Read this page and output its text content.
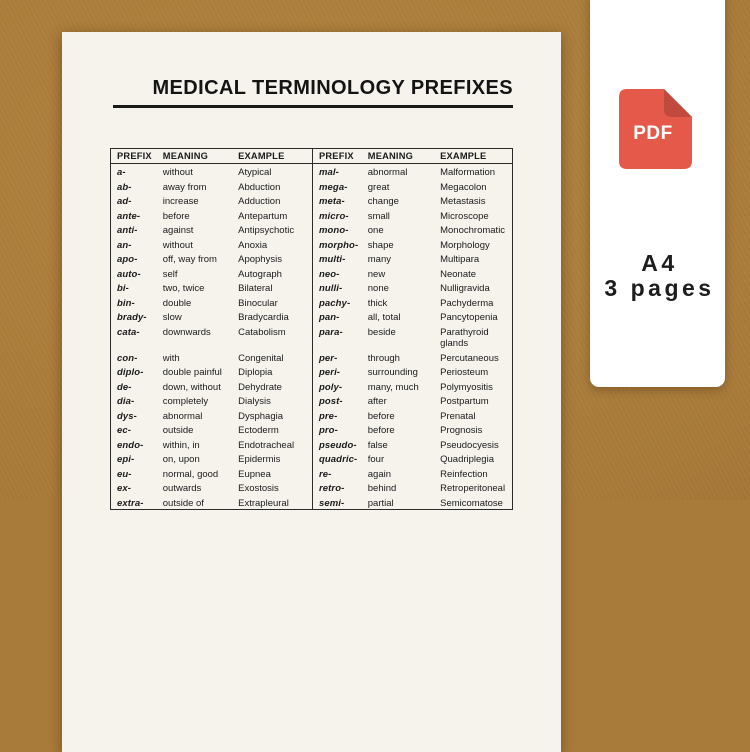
MEDICAL TERMINOLOGY PREFIXES
PREFIX	MEANING	EXAMPLE	PREFIX	MEANING	EXAMPLE
a-	without	Atypical	mal-	abnormal	Malformation
ab-	away from	Abduction	mega-	great	Megacolon
ad-	increase	Adduction	meta-	change	Metastasis
ante-	before	Antepartum	micro-	small	Microscope
anti-	against	Antipsychotic	mono-	one	Monochromatic
an-	without	Anoxia	morpho-	shape	Morphology
apo-	off, way from	Apophysis	multi-	many	Multipara
auto-	self	Autograph	neo-	new	Neonate
bi-	two, twice	Bilateral	nulli-	none	Nulligravida
bin-	double	Binocular	pachy-	thick	Pachyderma
brady-	slow	Bradycardia	pan-	all, total	Pancytopenia
cata-	downwards	Catabolism	para-	beside	Parathyroid glands
con-	with	Congenital	per-	through	Percutaneous
diplo-	double painful	Diplopia	peri-	surrounding	Periosteum
de-	down, without	Dehydrate	poly-	many, much	Polymyositis
dia-	completely	Dialysis	post-	after	Postpartum
dys-	abnormal	Dysphagia	pre-	before	Prenatal
ec-	outside	Ectoderm	pro-	before	Prognosis
endo-	within, in	Endotracheal	pseudo-	false	Pseudocyesis
epi-	on, upon	Epidermis	quadric-	four	Quadriplegia
eu-	normal, good	Eupnea	re-	again	Reinfection
ex-	outwards	Exostosis	retro-	behind	Retroperitoneal
extra-	outside of	Extrapleural	semi-	partial	Semicomatose
PDF
A4
3 pages
